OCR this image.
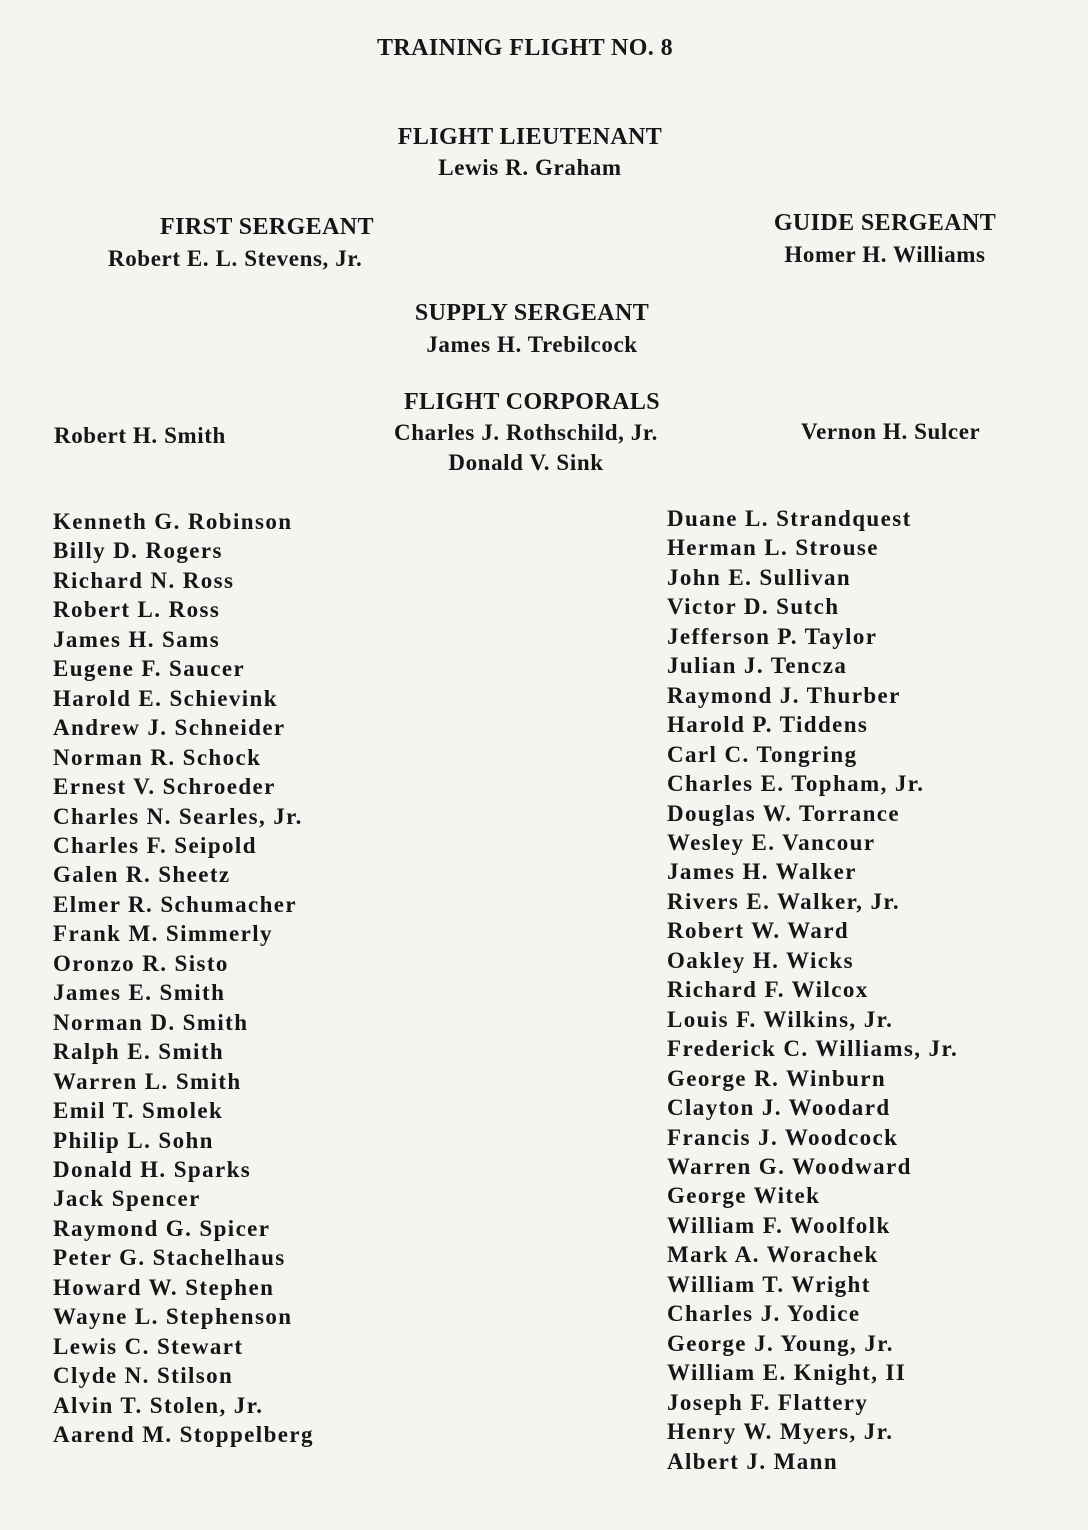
TRAINING FLIGHT NO. 8
FLIGHT LIEUTENANT
Lewis R. Graham
FIRST SERGEANT
Robert E. L. Stevens, Jr.
GUIDE SERGEANT
Homer H. Williams
SUPPLY SERGEANT
James H. Trebilcock
FLIGHT CORPORALS
Robert H. Smith	Charles J. Rothschild, Jr.
Donald V. Sink
Vernon H. Sulcer
Kenneth G. Robinson
Billy D. Rogers
Richard N. Ross
Robert L. Ross
James H. Sams
Eugene F. Saucer
Harold E. Schievink
Andrew J. Schneider
Norman R. Schock
Ernest V. Schroeder
Charles N. Searles, Jr.
Charles F. Seipold
Galen R. Sheetz
Elmer R. Schumacher
Frank M. Simmerly
Oronzo R. Sisto
James E. Smith
Norman D. Smith
Ralph E. Smith
Warren L. Smith
Emil T. Smolek
Philip L. Sohn
Donald H. Sparks
Jack Spencer
Raymond G. Spicer
Peter G. Stachelhaus
Howard W. Stephen
Wayne L. Stephenson
Lewis C. Stewart
Clyde N. Stilson
Alvin T. Stolen, Jr.
Aarend M. Stoppelberg
Duane L. Strandquest
Herman L. Strouse
John E. Sullivan
Victor D. Sutch
Jefferson P. Taylor
Julian J. Tencza
Raymond J. Thurber
Harold P. Tiddens
Carl C. Tongring
Charles E. Topham, Jr.
Douglas W. Torrance
Wesley E. Vancour
James H. Walker
Rivers E. Walker, Jr.
Robert W. Ward
Oakley H. Wicks
Richard F. Wilcox
Louis F. Wilkins, Jr.
Frederick C. Williams, Jr.
George R. Winburn
Clayton J. Woodard
Francis J. Woodcock
Warren G. Woodward
George Witek
William F. Woolfolk
Mark A. Worachek
William T. Wright
Charles J. Yodice
George J. Young, Jr.
William E. Knight, II
Joseph F. Flattery
Henry W. Myers, Jr.
Albert J. Mann
